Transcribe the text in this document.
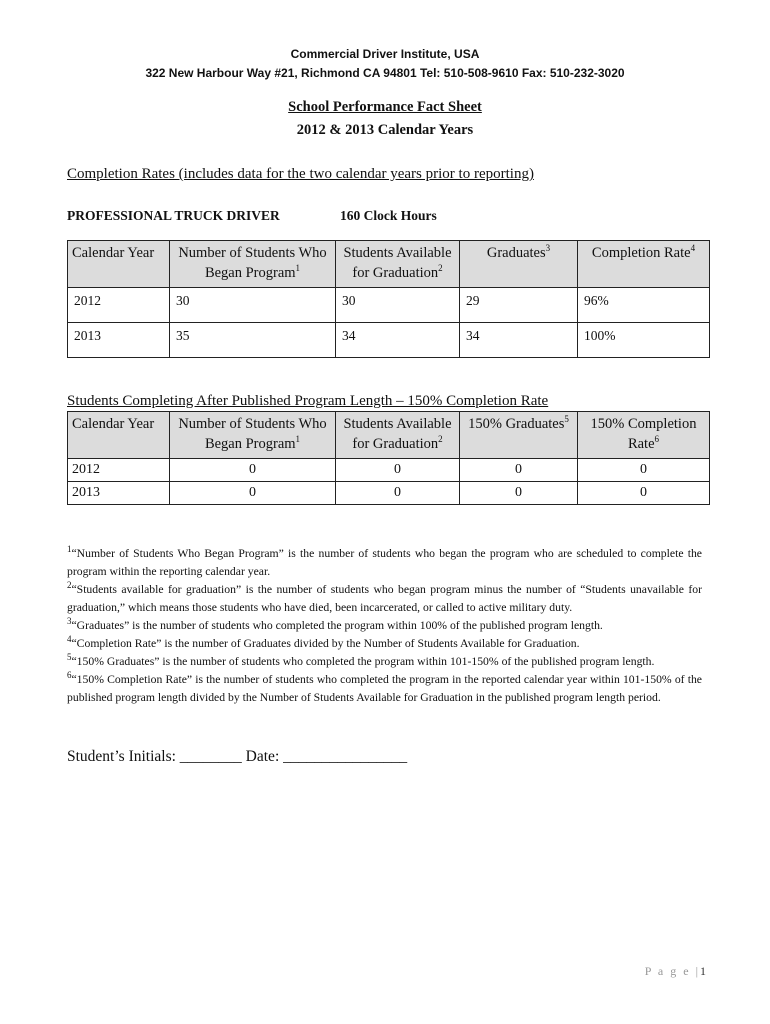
Commercial Driver Institute, USA
322 New Harbour Way #21, Richmond CA 94801 Tel: 510-508-9610 Fax: 510-232-3020
School Performance Fact Sheet
2012 & 2013 Calendar Years
Completion Rates (includes data for the two calendar years prior to reporting)
PROFESSIONAL TRUCK DRIVER	160 Clock Hours
Calendar Year	Number of Students Who Began Program$^1$	Students Available for Graduation$^2$	Graduates$^3$	Completion Rate$^4$
2012	30	30	29	96%
2013	35	34	34	100%
Students Completing After Published Program Length – 150% Completion Rate
Calendar Year	Number of Students Who Began Program$^1$	Students Available for Graduation$^2$	150% Graduates$^5$	150% Completion Rate$^6$
2012	0	0	0	0
2013	0	0	0	0

$^1$“Number of Students Who Began Program” is the number of students who began the program who are scheduled to complete the program within the reporting calendar year.

$^2$“Students available for graduation” is the number of students who began program minus the number of “Students unavailable for graduation,” which means those students who have died, been incarcerated, or called to active military duty.

$^3$“Graduates” is the number of students who completed the program within 100% of the published program length.

$^4$“Completion Rate” is the number of Graduates divided by the Number of Students Available for Graduation.

$^5$“150% Graduates” is the number of students who completed the program within 101-150% of the published program length.

$^6$“150% Completion Rate” is the number of students who completed the program in the reported calendar year within 101-150% of the published program length divided by the Number of Students Available for Graduation in the published program length period.

Student’s Initials: ________ Date: ________________
P a g e |1
